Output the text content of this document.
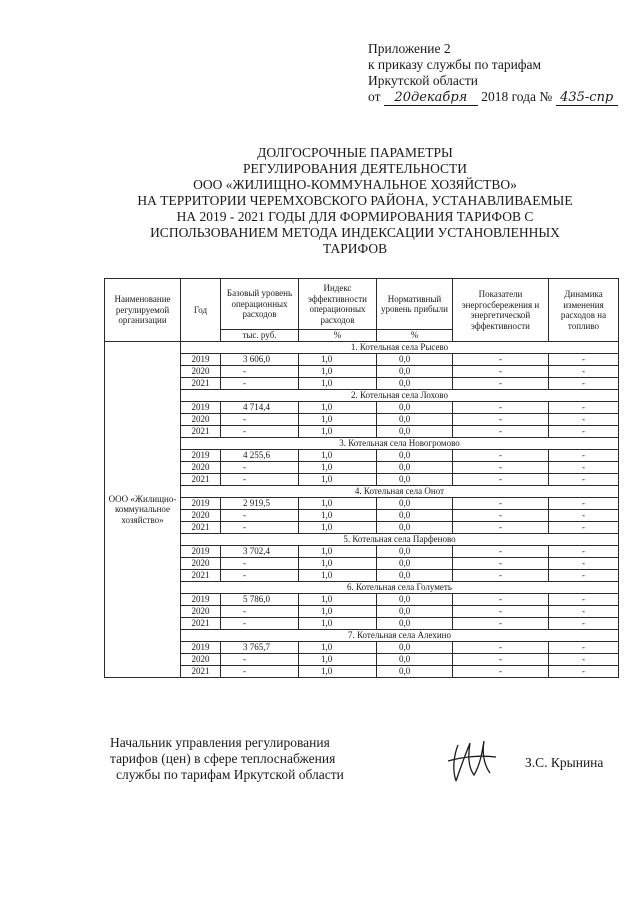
Приложение 2
к приказу службы по тарифам
Иркутской области
от 20декабря 2018 года № 435-спр
ДОЛГОСРОЧНЫЕ ПАРАМЕТРЫ
РЕГУЛИРОВАНИЯ ДЕЯТЕЛЬНОСТИ
ООО «ЖИЛИЩНО-КОММУНАЛЬНОЕ ХОЗЯЙСТВО»
НА ТЕРРИТОРИИ ЧЕРЕМХОВСКОГО РАЙОНА, УСТАНАВЛИВАЕМЫЕ
НА 2019 - 2021 ГОДЫ ДЛЯ ФОРМИРОВАНИЯ ТАРИФОВ С
ИСПОЛЬЗОВАНИЕМ МЕТОДА ИНДЕКСАЦИИ УСТАНОВЛЕННЫХ
ТАРИФОВ
Наименование регулируемой организации	Год	Базовый уровень операционных расходов	Индекс эффективности операционных расходов	Нормативный уровень прибыли	Показатели энергосбережения и энергетической эффективности	Динамика изменения расходов на топливо
		тыс. руб.	%	%		
ООО «Жилищно-коммунальное хозяйство»	1. Котельная села Рысево					
	2019	3 606,0	1,0	0,0	-	-
	2020	-	1,0	0,0	-	-
	2021	-	1,0	0,0	-	-
	2. Котельная села Лохово					
	2019	4 714,4	1,0	0,0	-	-
	2020	-	1,0	0,0	-	-
	2021	-	1,0	0,0	-	-
	3. Котельная села Новогромово					
	2019	4 255,6	1,0	0,0	-	-
	2020	-	1,0	0,0	-	-
	2021	-	1,0	0,0	-	-
	4. Котельная села Онот					
	2019	2 919,5	1,0	0,0	-	-
	2020	-	1,0	0,0	-	-
	2021	-	1,0	0,0	-	-
	5. Котельная села Парфеново					
	2019	3 702,4	1,0	0,0	-	-
	2020	-	1,0	0,0	-	-
	2021	-	1,0	0,0	-	-
	6. Котельная села Голуметь					
	2019	5 786,0	1,0	0,0	-	-
	2020	-	1,0	0,0	-	-
	2021	-	1,0	0,0	-	-
	7. Котельная села Алехино					
	2019	3 765,7	1,0	0,0	-	-
	2020	-	1,0	0,0	-	-
	2021	-	1,0	0,0	-	-
Начальник управления регулирования
тарифов (цен) в сфере теплоснабжения
службы по тарифам Иркутской области
З.С. Крынина
